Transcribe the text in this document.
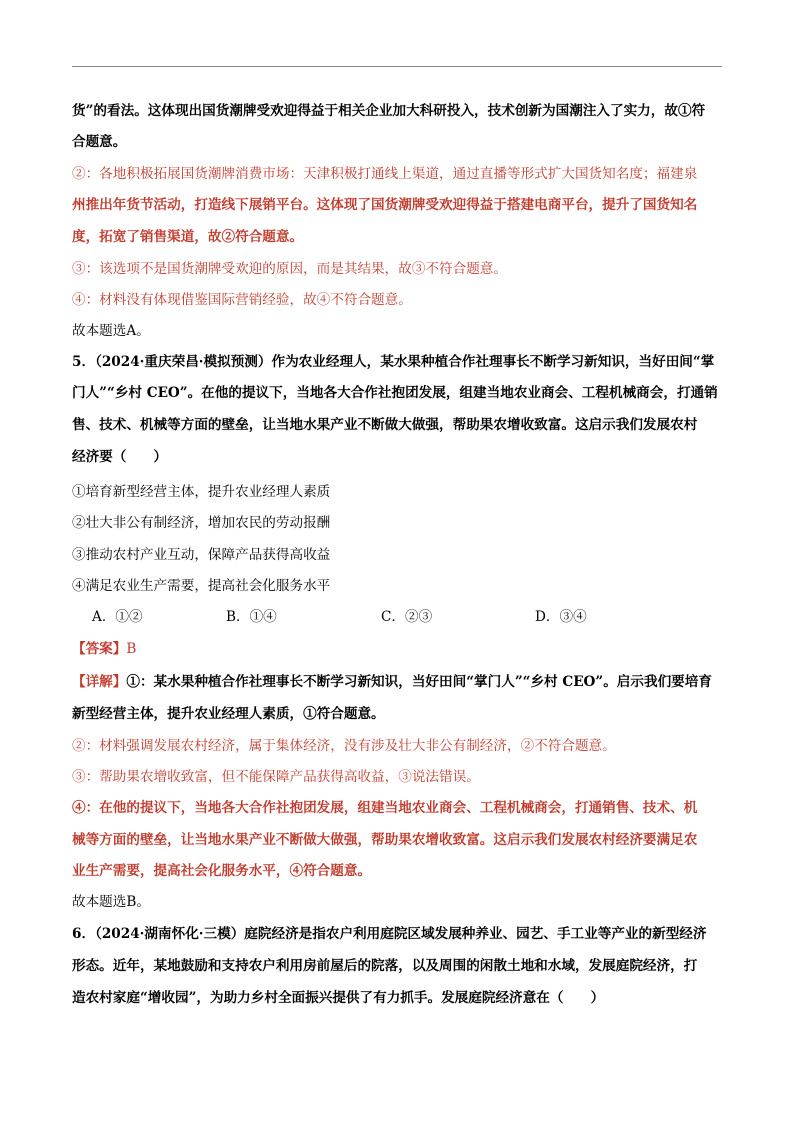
货”的看法。这体现出国货潮牌受欢迎得益于相关企业加大科研投入，技术创新为国潮注入了实力，故①符
合题意。
②：各地积极拓展国货潮牌消费市场：天津积极打通线上渠道，通过直播等形式扩大国货知名度；福建泉
州推出年货节活动，打造线下展销平台。这体现了国货潮牌受欢迎得益于搭建电商平台，提升了国货知名
度，拓宽了销售渠道，故②符合题意。
③：该选项不是国货潮牌受欢迎的原因，而是其结果，故③不符合题意。
④：材料没有体现借鉴国际营销经验，故④不符合题意。
故本题选A。
5．（2024·重庆荣昌·模拟预测）作为农业经理人，某水果种植合作社理事长不断学习新知识，当好田间“掌
门人”“乡村 CEO”。在他的提议下，当地各大合作社抱团发展，组建当地农业商会、工程机械商会，打通销
售、技术、机械等方面的壁垒，让当地水果产业不断做大做强，帮助果农增收致富。这启示我们发展农村
经济要（　　）
①培育新型经营主体，提升农业经理人素质
②壮大非公有制经济，增加农民的劳动报酬
③推动农村产业互动，保障产品获得高收益
④满足农业生产需要，提高社会化服务水平
A．①②	B．①④	C．②③	D．③④
【答案】B
【详解】①：某水果种植合作社理事长不断学习新知识，当好田间“掌门人”“乡村 CEO”。启示我们要培育
新型经营主体，提升农业经理人素质，①符合题意。
②：材料强调发展农村经济，属于集体经济，没有涉及壮大非公有制经济，②不符合题意。
③：帮助果农增收致富，但不能保障产品获得高收益，③说法错误。
④：在他的提议下，当地各大合作社抱团发展，组建当地农业商会、工程机械商会，打通销售、技术、机
械等方面的壁垒，让当地水果产业不断做大做强，帮助果农增收致富。这启示我们发展农村经济要满足农
业生产需要，提高社会化服务水平，④符合题意。
故本题选B。
6．（2024·湖南怀化·三模）庭院经济是指农户利用庭院区域发展种养业、园艺、手工业等产业的新型经济
形态。近年，某地鼓励和支持农户利用房前屋后的院落，以及周围的闲散土地和水域，发展庭院经济，打
造农村家庭“增收园”，为助力乡村全面振兴提供了有力抓手。发展庭院经济意在（　　）
